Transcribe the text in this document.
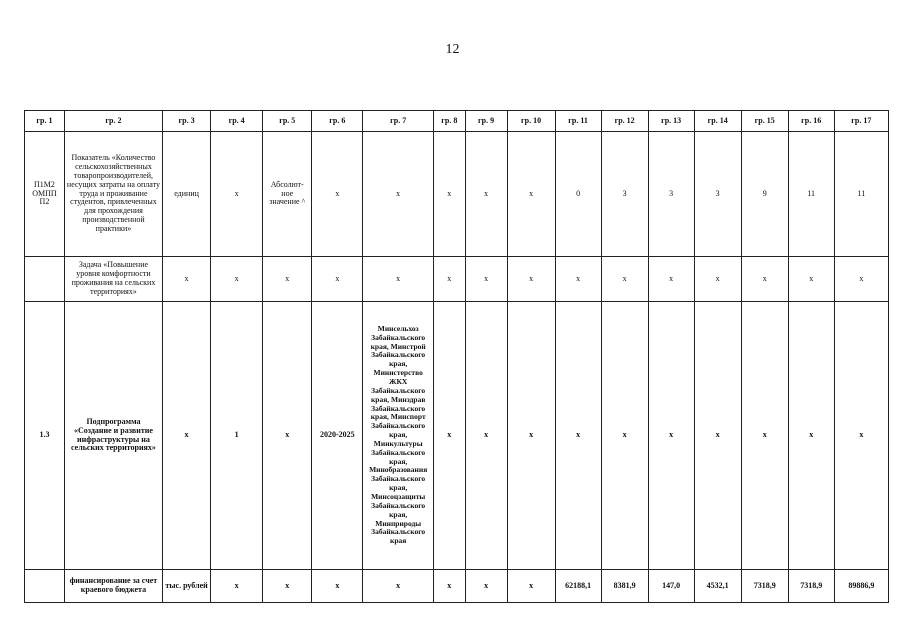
12
гр. 1	гр. 2	гр. 3	гр. 4	гр. 5	гр. 6	гр. 7	гр. 8	гр. 9	гр. 10	гр. 11	гр. 12	гр. 13	гр. 14	гр. 15	гр. 16	гр. 17
П1М2 ОМПП П2	Показатель «Количество сельскохозяйственных товаропроизводителей, несущих затраты на оплату труда и проживание студентов, привлеченных для прохождения производственной практики»	единиц	х	Абсолют-ное значение ^	х	х	х	х	х	0	3	3	3	9	11	11
	Задача «Повышение уровня комфортности проживания на сельских территориях»	х	х	х	х	х	х	х	х	х	х	х	х	х	х	х
1.3	Подпрограмма «Создание и развитие инфраструктуры на сельских территориях»	х	1	х	2020-2025	Минсельхоз Забайкальского края, Минстрой Забайкальского края, Министерство ЖКХ Забайкальского края, Минздрав Забайкальского края, Минспорт Забайкальского края, Минкультуры Забайкальского края, Минобразования Забайкальского края, Минсоцзащиты Забайкальского края, Минприроды Забайкальского края	х	х	х	х	х	х	х	х	х	х
	финансирование за счет краевого бюджета	тыс. рублей	х	х	х	х	х	х	х	62188,1	8381,9	147,0	4532,1	7318,9	7318,9	89886,9
